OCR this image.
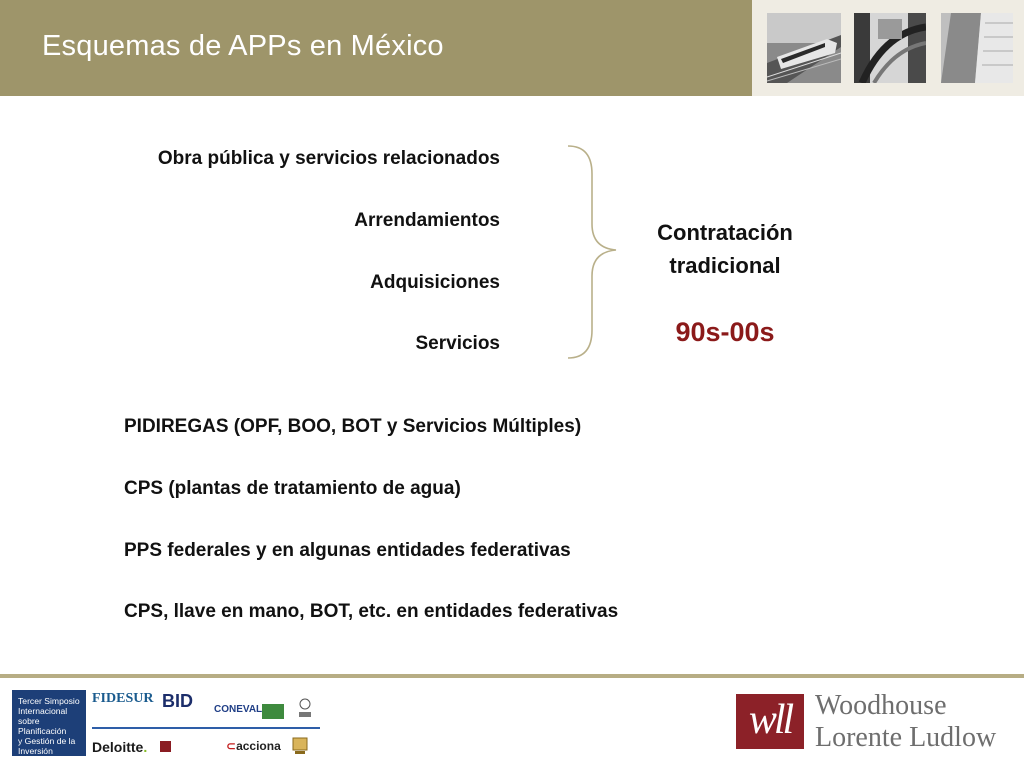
Esquemas de APPs en México
Obra pública y servicios relacionados
Arrendamientos
Adquisiciones
Servicios
Contratación
tradicional
90s-00s
PIDIREGAS (OPF, BOO, BOT y Servicios Múltiples)
CPS (plantas de tratamiento de agua)
PPS federales y en algunas entidades federativas
CPS, llave en mano, BOT, etc. en entidades federativas
Tercer Simposio
Internacional
sobre Planificación
y Gestión de la
Inversión Pública
FIDESUR BID CONEVAL
Deloitte.	⊂acciona
wll Woodhouse
Lorente Ludlow
